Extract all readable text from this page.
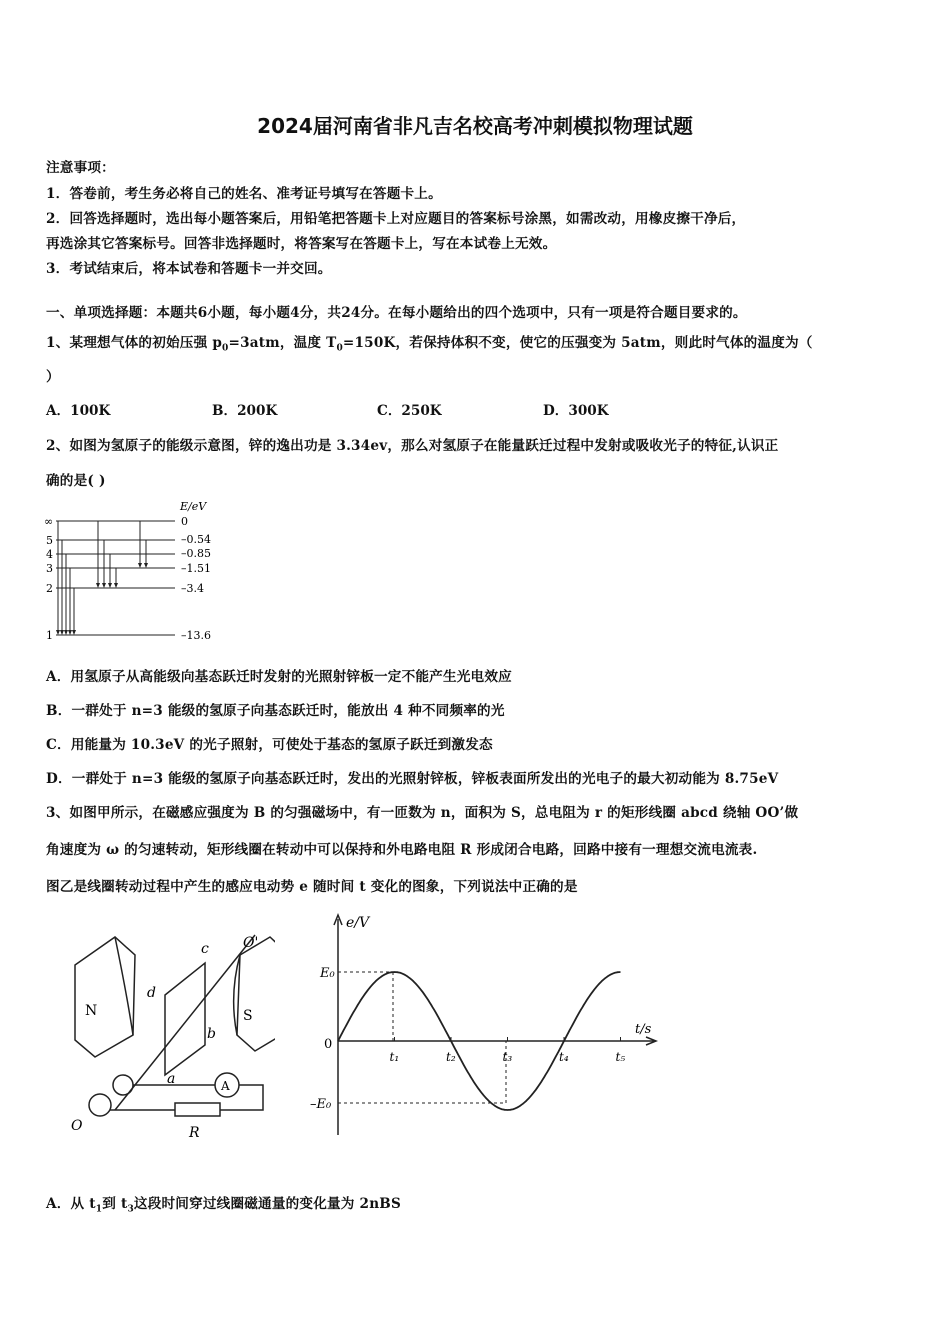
2024届河南省非凡吉名校高考冲刺模拟物理试题
注意事项：
1．答卷前，考生务必将自己的姓名、准考证号填写在答题卡上。
2．回答选择题时，选出每小题答案后，用铅笔把答题卡上对应题目的答案标号涂黑，如需改动，用橡皮擦干净后，
再选涂其它答案标号。回答非选择题时，将答案写在答题卡上，写在本试卷上无效。
3．考试结束后，将本试卷和答题卡一并交回。
一、单项选择题：本题共6小题，每小题4分，共24分。在每小题给出的四个选项中，只有一项是符合题目要求的。
1、某理想气体的初始压强 $p_0=3atm$，温度 $T_0=150K$，若保持体积不变，使它的压强变为 5atm，则此时气体的温度为（
）
A．100K	B．200K	C．250K	D．300K
2、如图为氢原子的能级示意图，锌的逸出功是 3.34ev，那么对氢原子在能量跃迁过程中发射或吸收光子的特征,认识正
确的是( )
E/eV
∞
5
4
3
2
1
0
–0.54
–0.85
–1.51
–3.4
–13.6
A．用氢原子从高能级向基态跃迁时发射的光照射锌板一定不能产生光电效应
B．一群处于 n=3 能级的氢原子向基态跃迁时，能放出 4 种不同频率的光
C．用能量为 10.3eV 的光子照射，可使处于基态的氢原子跃迁到激发态
D．一群处于 n=3 能级的氢原子向基态跃迁时，发出的光照射锌板，锌板表面所发出的光电子的最大初动能为 8.75eV
3、如图甲所示，在磁感应强度为 B 的匀强磁场中，有一匝数为 n，面积为 S，总电阻为 r 的矩形线圈 abcd 绕轴 OO’做
角速度为 ω 的匀速转动，矩形线圈在转动中可以保持和外电路电阻 R 形成闭合电路，回路中接有一理想交流电流表.
图乙是线圈转动过程中产生的感应电动势 e 随时间 t 变化的图象，下列说法中正确的是
N	S
a
b
c
d
O
O'
A
R
e/V
t/s
E₀
0
–E₀
t₁	t₂	t₃	t₄	t₅
A．从 $t_1$到 $t_3$这段时间穿过线圈磁通量的变化量为 2nBS
